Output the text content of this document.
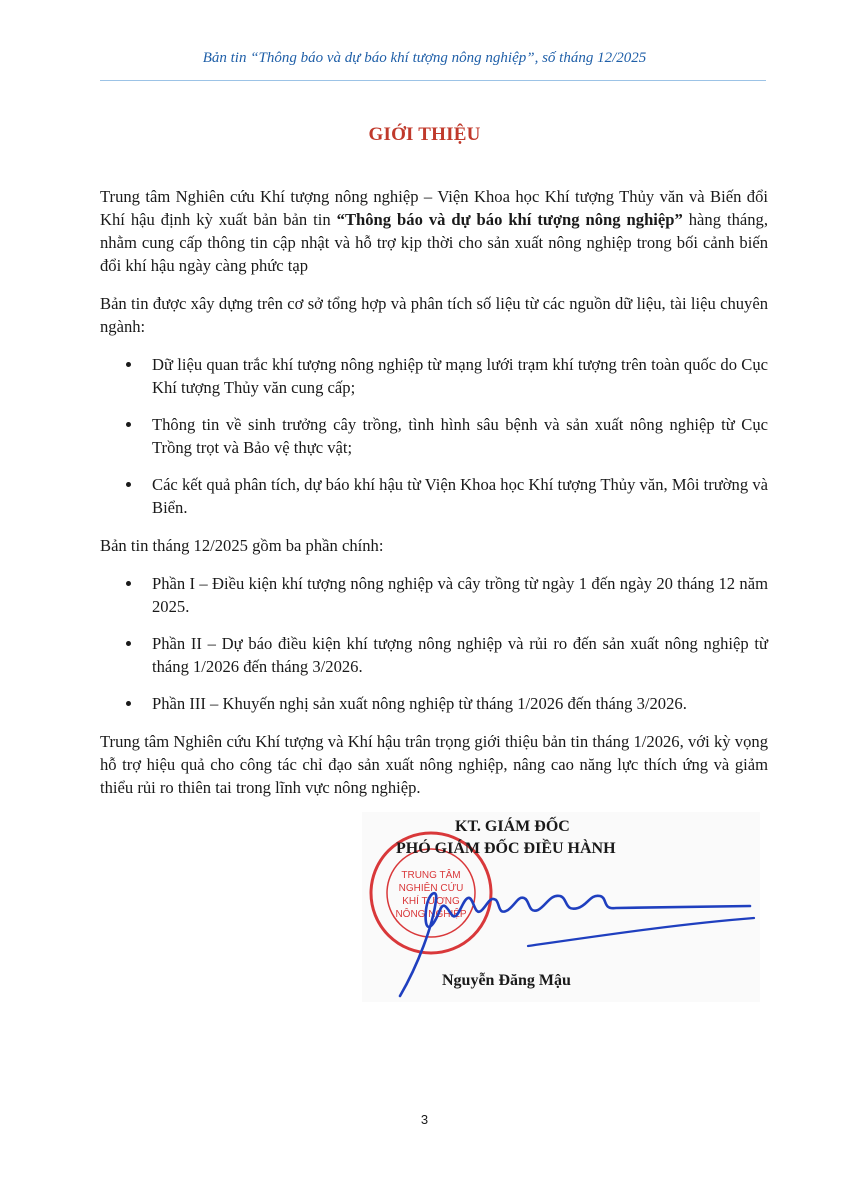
Bản tin “Thông báo và dự báo khí tượng nông nghiệp”, số tháng 12/2025
GIỚI THIỆU

Trung tâm Nghiên cứu Khí tượng nông nghiệp – Viện Khoa học Khí tượng Thủy văn và Biến đổi Khí hậu định kỳ xuất bản bản tin “Thông báo và dự báo khí tượng nông nghiệp” hàng tháng, nhằm cung cấp thông tin cập nhật và hỗ trợ kịp thời cho sản xuất nông nghiệp trong bối cảnh biến đổi khí hậu ngày càng phức tạp

Bản tin được xây dựng trên cơ sở tổng hợp và phân tích số liệu từ các nguồn dữ liệu, tài liệu chuyên ngành:

Dữ liệu quan trắc khí tượng nông nghiệp từ mạng lưới trạm khí tượng trên toàn quốc do Cục Khí tượng Thủy văn cung cấp;
Thông tin về sinh trưởng cây trồng, tình hình sâu bệnh và sản xuất nông nghiệp từ Cục Trồng trọt và Bảo vệ thực vật;
Các kết quả phân tích, dự báo khí hậu từ Viện Khoa học Khí tượng Thủy văn, Môi trường và Biển.

Bản tin tháng 12/2025 gồm ba phần chính:

Phần I – Điều kiện khí tượng nông nghiệp và cây trồng từ ngày 1 đến ngày 20 tháng 12 năm 2025.
Phần II – Dự báo điều kiện khí tượng nông nghiệp và rủi ro đến sản xuất nông nghiệp từ tháng 1/2026 đến tháng 3/2026.
Phần III – Khuyến nghị sản xuất nông nghiệp từ tháng 1/2026 đến tháng 3/2026.

Trung tâm Nghiên cứu Khí tượng và Khí hậu trân trọng giới thiệu bản tin tháng 1/2026, với kỳ vọng hỗ trợ hiệu quả cho công tác chỉ đạo sản xuất nông nghiệp, nâng cao năng lực thích ứng và giảm thiểu rủi ro thiên tai trong lĩnh vực nông nghiệp.

TRUNG TÂM
NGHIÊN CỨU
KHÍ TƯỢNG
NÔNG NGHIỆP
KT. GIÁM ĐỐC
PHÓ GIÁM ĐỐC ĐIỀU HÀNH
Nguyễn Đăng Mậu
3
